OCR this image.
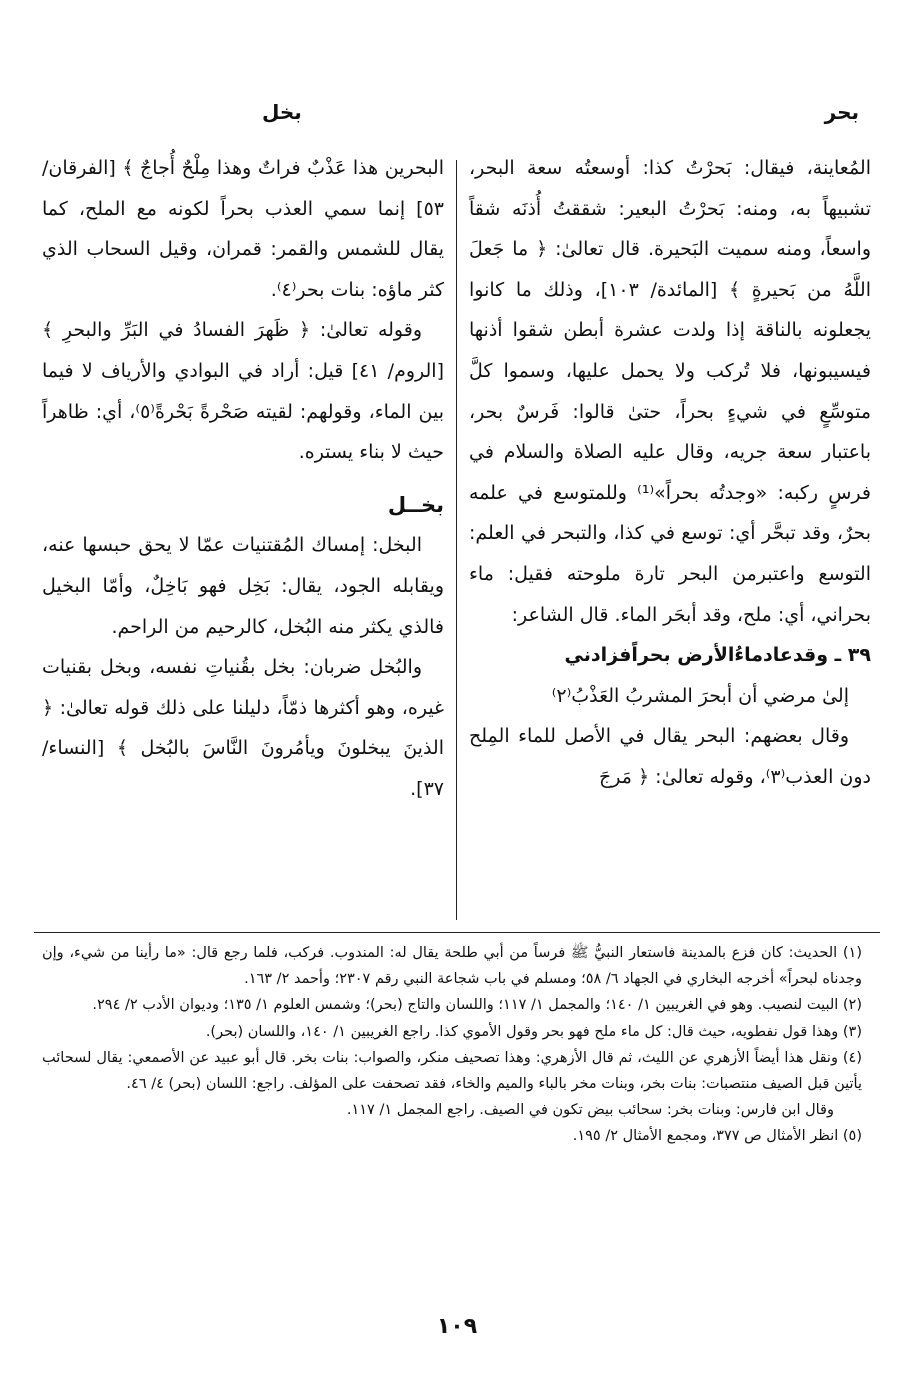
بحر
بخل

المُعاينة، فيقال: بَحرْتُ كذا: أوسعتُه سعة البحر، تشبيهاً به، ومنه: بَحرْتُ البعير: شققتُ أُذنَه شقاً واسعاً، ومنه سميت البَحيرة. قال تعالىٰ: ﴿ ما جَعلَ اللَّهُ من بَحيرةٍ ﴾ [المائدة/ ١٠٣]، وذلك ما كانوا يجعلونه بالناقة إذا ولدت عشرة أبطن شقوا أذنها فيسيبونها، فلا تُركب ولا يحمل عليها، وسموا كلَّ متوسِّعٍ في شيءٍ بحراً، حتىٰ قالوا: فَرسٌ بحر، باعتبار سعة جريه، وقال عليه الصلاة والسلام في فرسٍ ركبه: «وجدتُه بحراً»⁽¹⁾ وللمتوسع في علمه بحرٌ، وقد تبحَّر أي: توسع في كذا، والتبحر في العلم: التوسع واعتبرمن البحر تارة ملوحته فقيل: ماء بحراني، أي: ملح، وقد أبحَر الماء. قال الشاعر:

٣٩ ـ وقدعادماءُالأرض بحراًفزادني

إلىٰ مرضي أن أبحرَ المشربُ العَذْبُ⁽٢⁾

وقال بعضهم: البحر يقال في الأصل للماء المِلح دون العذب⁽٣⁾، وقوله تعالىٰ: ﴿ مَرجَ

البحرين هذا عَذْبٌ فراتٌ وهذا مِلْحٌ أُجاجٌ ﴾ [الفرقان/ ٥٣] إنما سمي العذب بحراً لكونه مع الملح، كما يقال للشمس والقمر: قمران، وقيل السحاب الذي كثر ماؤه: بنات بحر⁽٤⁾.

وقوله تعالىٰ: ﴿ ظَهرَ الفسادُ في البَرِّ والبحرِ ﴾ [الروم/ ٤١] قيل: أراد في البوادي والأرياف لا فيما بين الماء، وقولهم: لقيته صَحْرةً بَحْرةً⁽٥⁾، أي: ظاهراً حيث لا بناء يستره.

بخــل

البخل: إمساك المُقتنيات عمّا لا يحق حبسها عنه، ويقابله الجود، يقال: بَخِل فهو بَاخِلٌ، وأمّا البخيل فالذي يكثر منه البُخل، كالرحيم من الراحم.

والبُخل ضربان: بخل بقُنياتِ نفسه، وبخل بقنيات غيره، وهو أكثرها ذمّاً، دليلنا على ذلك قوله تعالىٰ: ﴿ الذينَ يبخلونَ ويأمُرونَ النَّاسَ بالبُخل ﴾ [النساء/ ٣٧].

(١) الحديث: كان فزع بالمدينة فاستعار النبيُّ ﷺ فرساً من أبي طلحة يقال له: المندوب. فركب، فلما رجع قال: «ما رأينا من شيء، وإن وجدناه لبحراً» أخرجه البخاري في الجهاد ٦/ ٥٨؛ ومسلم في باب شجاعة النبي رقم ٢٣٠٧؛ وأحمد ٢/ ١٦٣.

(٢) البيت لنصيب. وهو في الغريبين ١/ ١٤٠؛ والمجمل ١/ ١١٧؛ واللسان والتاج (بحر)؛ وشمس العلوم ١/ ١٣٥؛ وديوان الأدب ٢/ ٢٩٤.

(٣) وهذا قول نفطويه، حيث قال: كل ماء ملح فهو بحر وقول الأموي كذا. راجع الغريبين ١/ ١٤٠، واللسان (بحر).

(٤) ونقل هذا أيضاً الأزهري عن الليث، ثم قال الأزهري: وهذا تصحيف منكر، والصواب: بنات بخر. قال أبو عبيد عن الأصمعي: يقال لسحائب يأتين قبل الصيف منتصبات: بنات بخر، وبنات مخر بالباء والميم والخاء، فقد تصحفت على المؤلف. راجع: اللسان (بحر) ٤/ ٤٦.

وقال ابن فارس: وبنات بخر: سحائب بيض تكون في الصيف. راجع المجمل ١/ ١١٧.

(٥) انظر الأمثال ص ٣٧٧، ومجمع الأمثال ٢/ ١٩٥.

١٠٩
